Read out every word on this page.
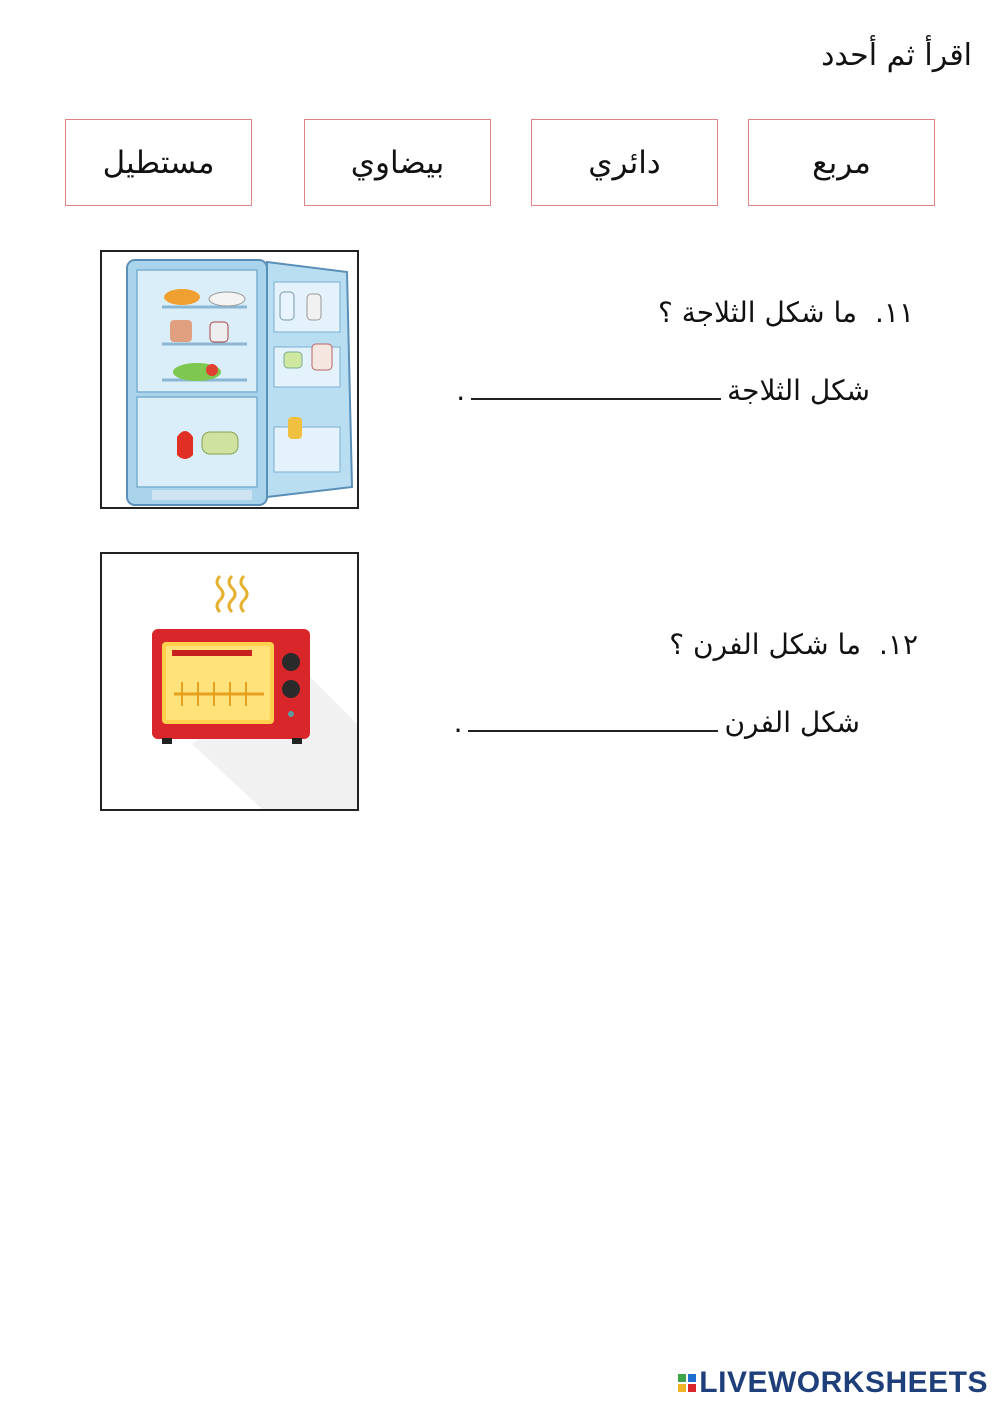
اقرأ ثم أحدد
مربع
دائري
بيضاوي
مستطيل
١١.ما شكل الثلاجة ؟
شكل الثلاجة.
١٢.ما شكل الفرن ؟
شكل الفرن.
LIVEWORKSHEETS
